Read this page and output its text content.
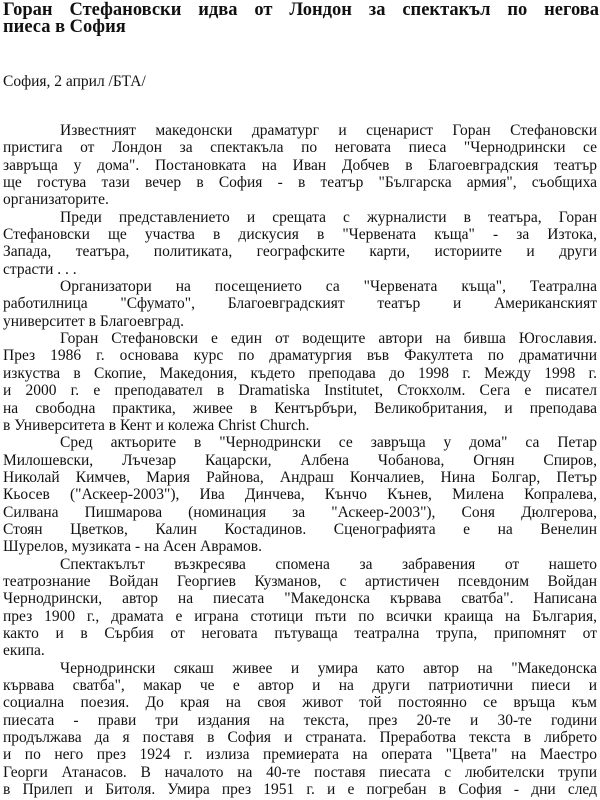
Горан Стефановски идва от Лондон за спектакъл по негова
пиеса в София
София, 2 април /БТА/
Известният македонски драматург и сценарист Горан Стефановски
пристига от Лондон за спектакъла по неговата пиеса "Чернодрински се
завръща у дома". Постановката на Иван Добчев в Благоевградския театър
ще гостува тази вечер в София - в театър "Българска армия", съобщиха
организаторите.
Преди представлението и срещата с журналисти в театъра, Горан
Стефановски ще участва в дискусия в "Червената къща" - за Изтока,
Запада, театъра, политиката, географските карти, историите и други
страсти . . .
Организатори на посещението са "Червената къща", Театрална
работилница "Сфумато", Благоевградският театър и Американският
университет в Благоевград.
Горан Стефановски е един от водещите автори на бивша Югославия.
През 1986 г. основава курс по драматургия във Факултета по драматични
изкуства в Скопие, Македония, където преподава до 1998 г. Между 1998 г.
и 2000 г. е преподавател в Dramatiska Institutet, Стокхолм. Сега е писател
на свободна практика, живее в Кентърбъри, Великобритания, и преподава
в Университета в Кент и колежа Christ Church.
Сред актьорите в "Чернодрински се завръща у дома" са Петар
Милошевски, Лъчезар Кацарски, Албена Чобанова, Огнян Спиров,
Николай Кимчев, Мария Райнова, Андраш Кончалиев, Нина Болгар, Петър
Кьосев ("Аскеер-2003"), Ива Динчева, Кънчо Кънев, Милена Копралева,
Силвана Пишмарова (номинация за "Аскеер-2003"), Соня Дюлгерова,
Стоян Цветков, Калин Костадинов. Сценографията е на Венелин
Шурелов, музиката - на Асен Аврамов.
Спектакълът възкресява спомена за забравения от нашето
театрознание Войдан Георгиев Кузманов, с артистичен псевдоним Войдан
Чернодрински, автор на пиесата "Македонска кървава сватба". Написана
през 1900 г., драмата е играна стотици пъти по всички краища на България,
както и в Сърбия от неговата пътуваща театрална трупа, припомнят от
екипа.
Чернодрински сякаш живее и умира като автор на "Македонска
кървава сватба", макар че е автор и на други патриотични пиеси и
социална поезия. До края на своя живот той постоянно се връща към
пиесата - прави три издания на текста, през 20-те и 30-те години
продължава да я поставя в София и страната. Преработва текста в либрето
и по него през 1924 г. излиза премиерата на операта "Цвета" на Маестро
Георги Атанасов. В началото на 40-те поставя пиесата с любителски трупи
в Прилеп и Битоля. Умира през 1951 г. и е погребан в София - дни след
